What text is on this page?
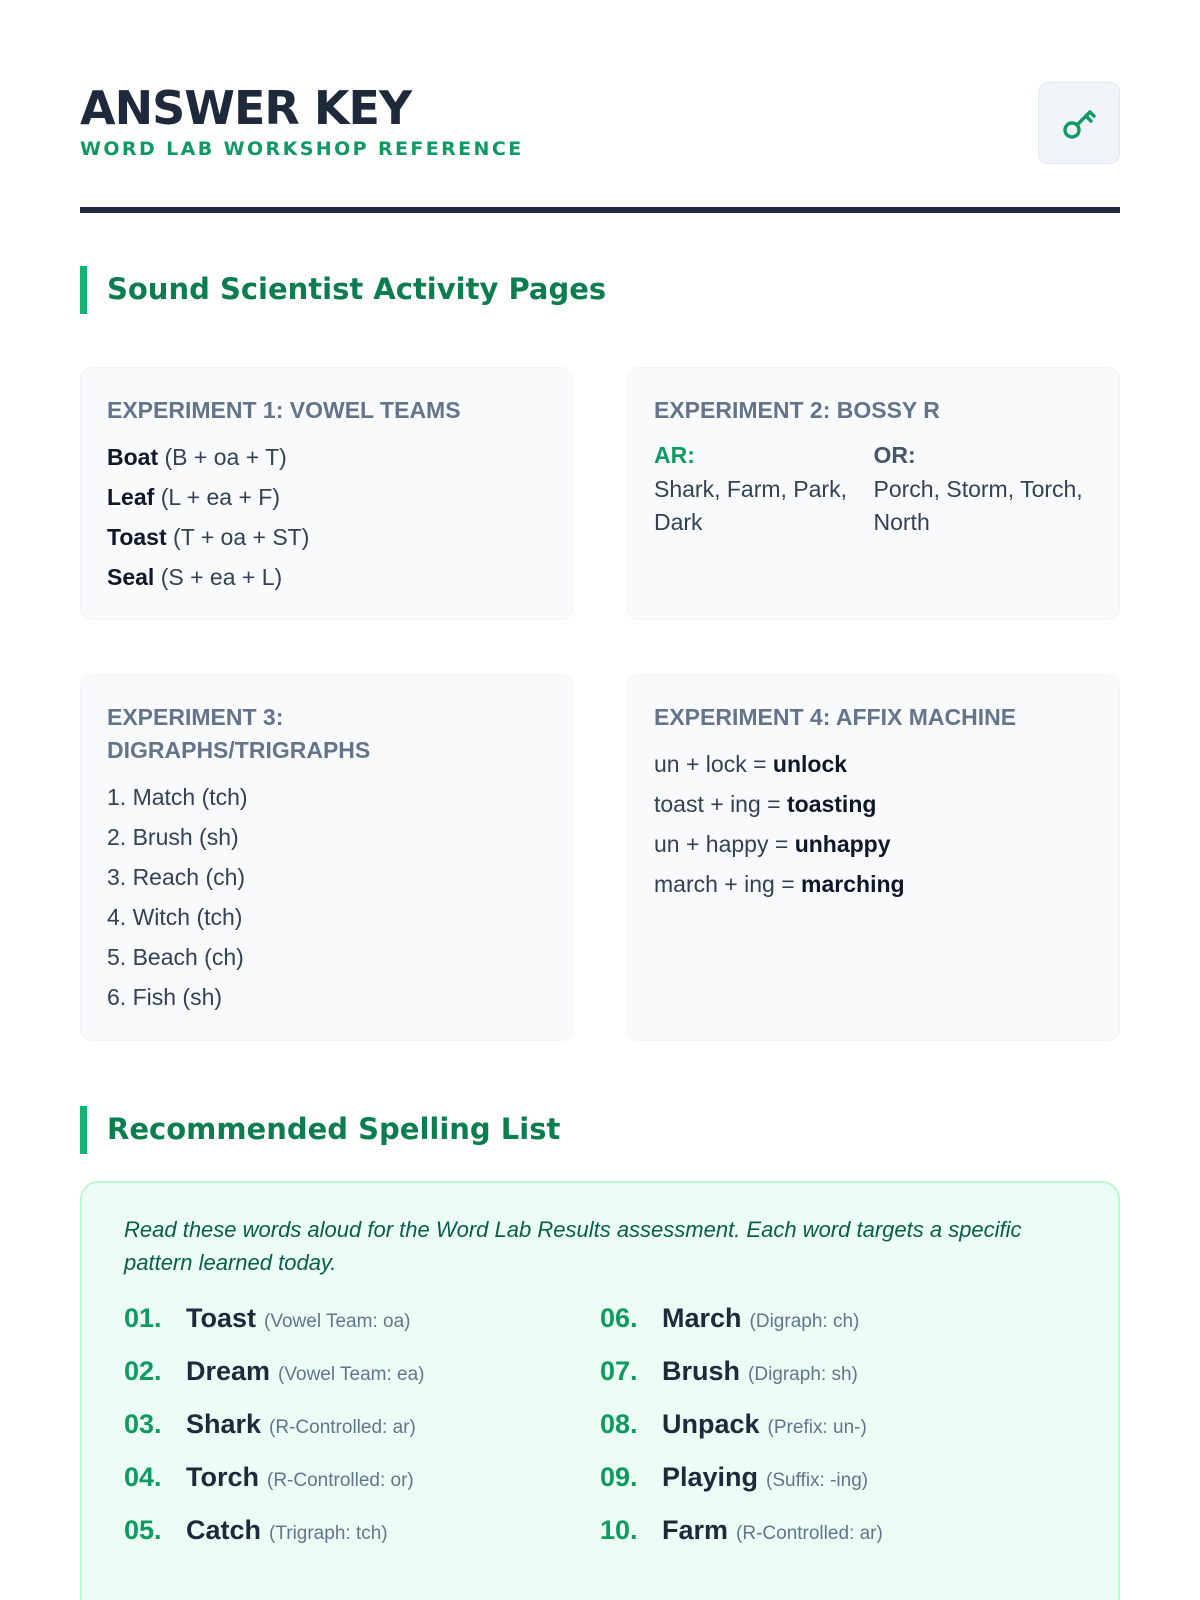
ANSWER KEY
WORD LAB WORKSHOP REFERENCE
Sound Scientist Activity Pages
EXPERIMENT 1: VOWEL TEAMS
Boat (B + oa + T)
Leaf (L + ea + F)
Toast (T + oa + ST)
Seal (S + ea + L)
EXPERIMENT 2: BOSSY R
AR:
Shark, Farm, Park, Dark
OR:
Porch, Storm, Torch, North
EXPERIMENT 3: DIGRAPHS/TRIGRAPHS
1. Match (tch)
2. Brush (sh)
3. Reach (ch)
4. Witch (tch)
5. Beach (ch)
6. Fish (sh)
EXPERIMENT 4: AFFIX MACHINE
un + lock = unlock
toast + ing = toasting
un + happy = unhappy
march + ing = marching
Recommended Spelling List
Read these words aloud for the Word Lab Results assessment. Each word targets a specific pattern learned today.
01. Toast (Vowel Team: oa)
02. Dream (Vowel Team: ea)
03. Shark (R-Controlled: ar)
04. Torch (R-Controlled: or)
05. Catch (Trigraph: tch)
06. March (Digraph: ch)
07. Brush (Digraph: sh)
08. Unpack (Prefix: un-)
09. Playing (Suffix: -ing)
10. Farm (R-Controlled: ar)
